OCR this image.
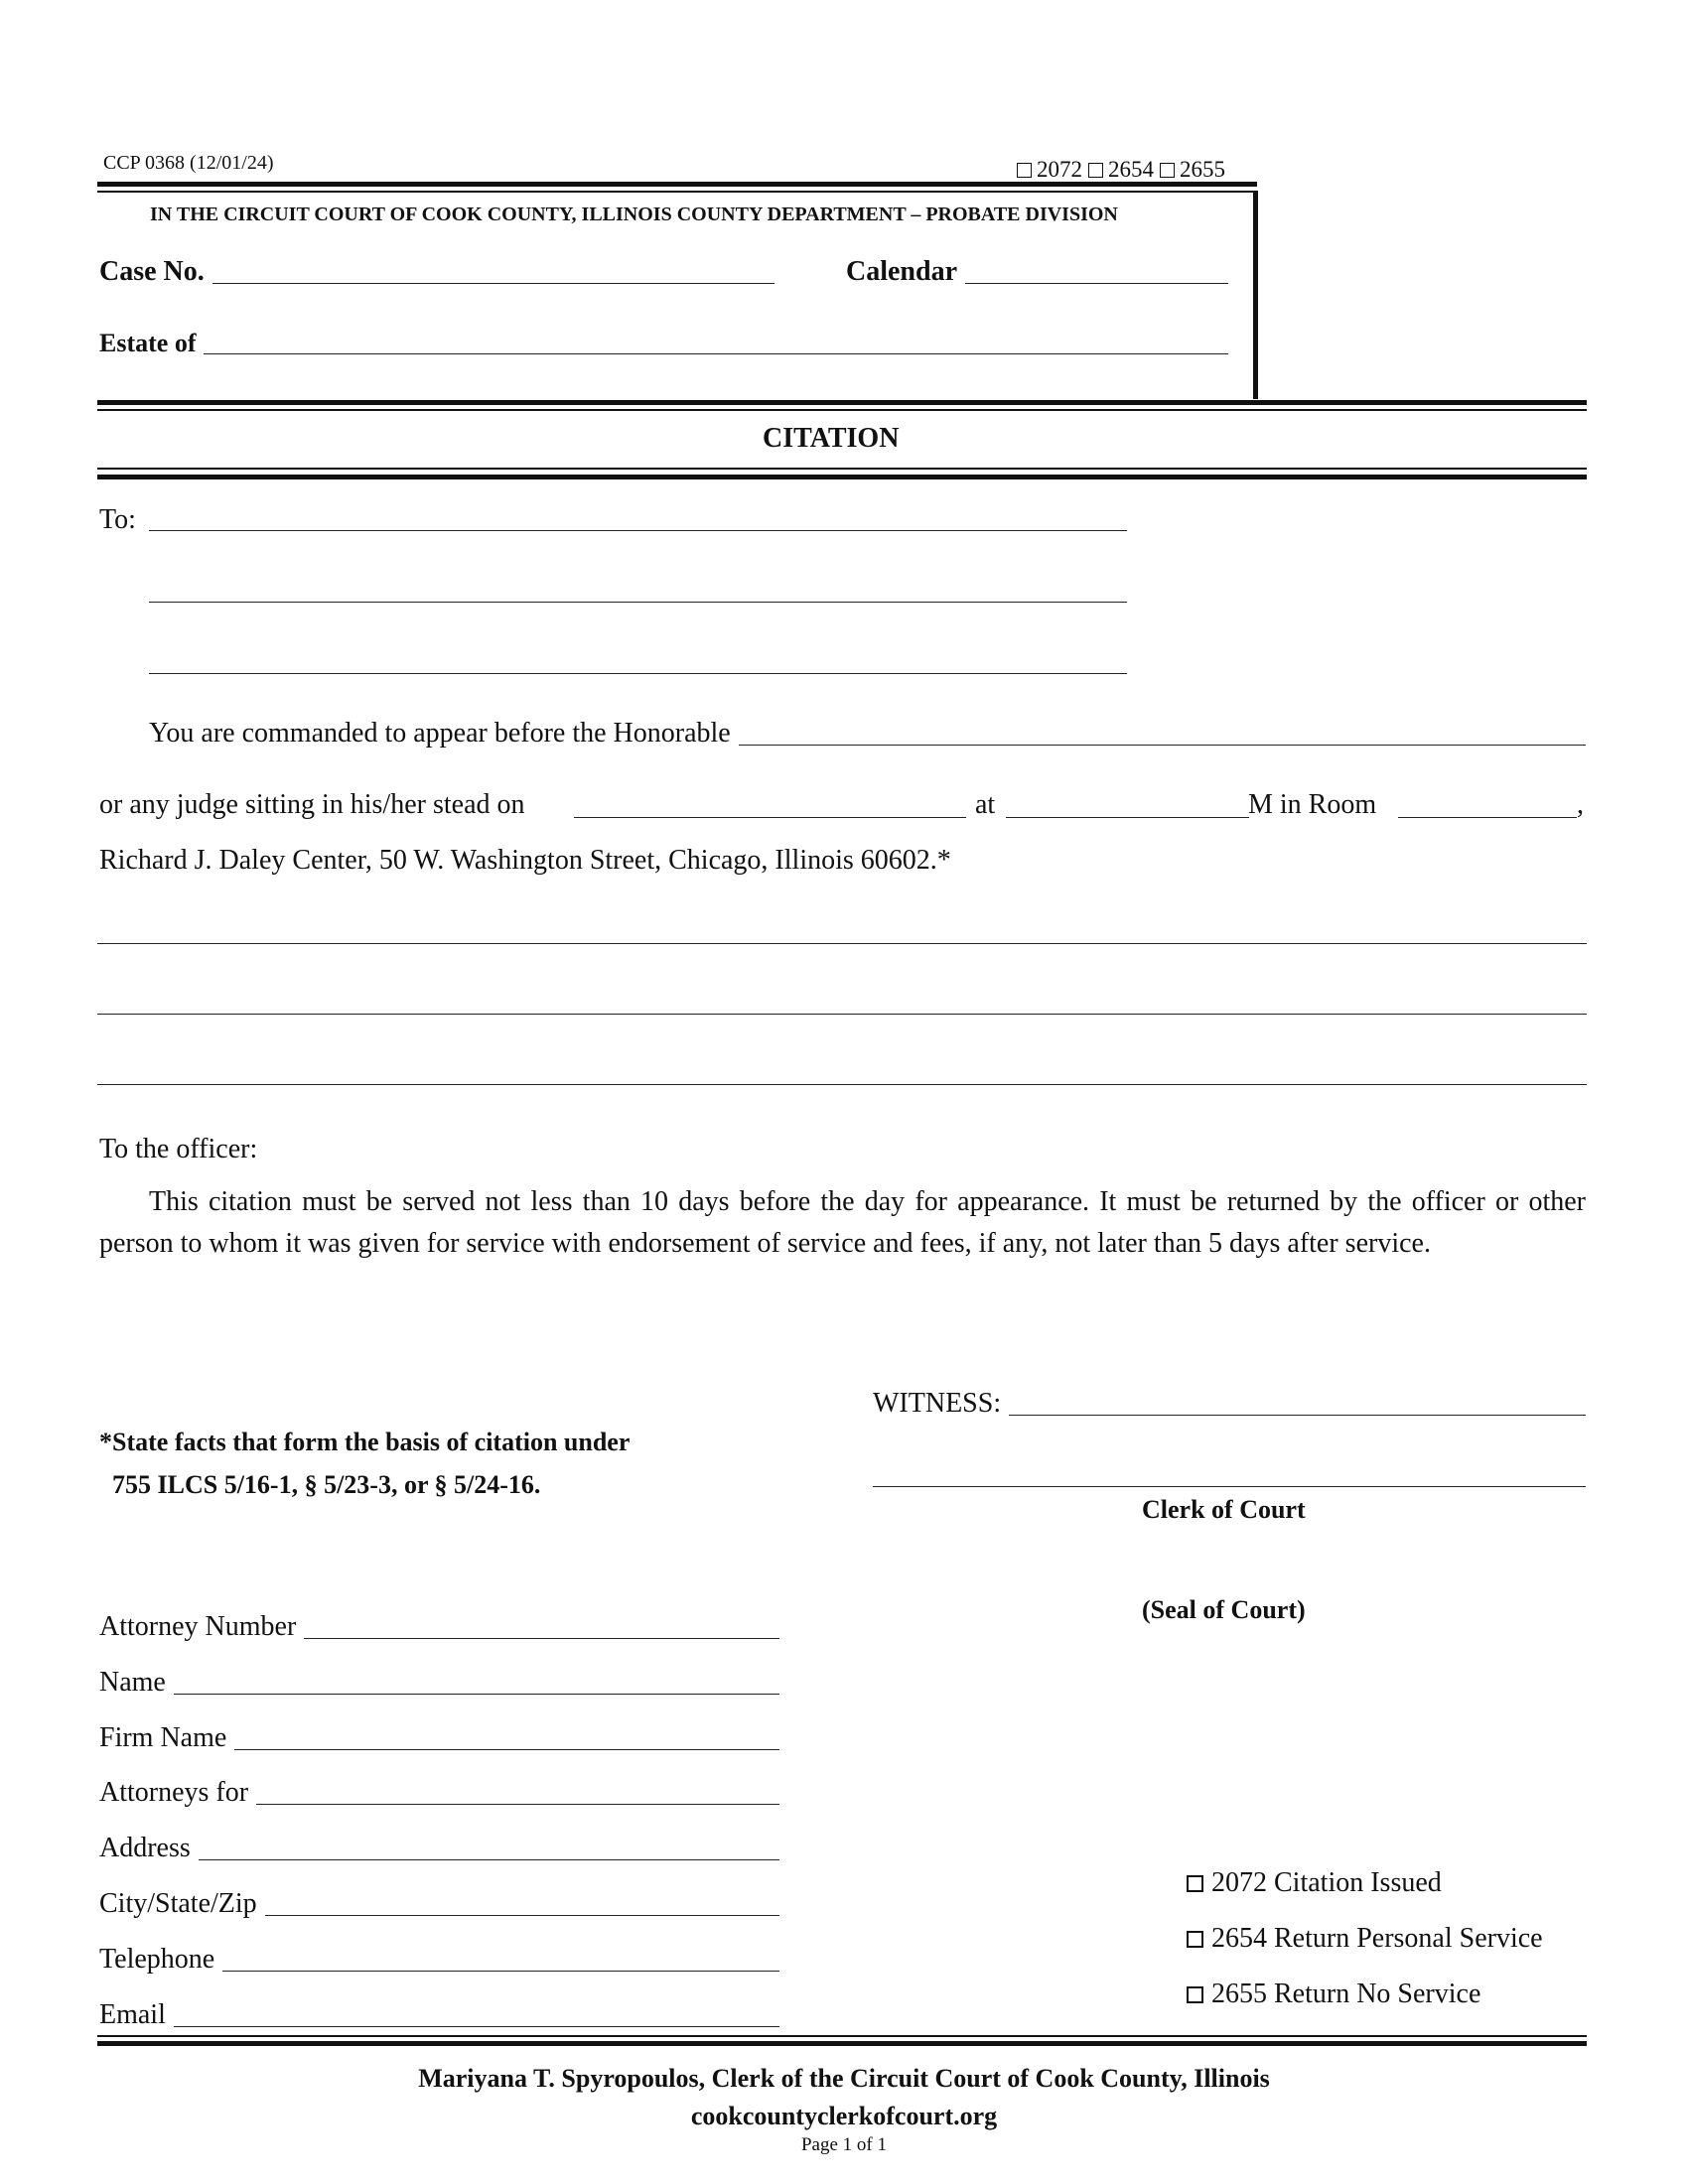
CCP 0368 (12/01/24)	2072 2654 2655
IN THE CIRCUIT COURT OF COOK COUNTY, ILLINOIS COUNTY DEPARTMENT – PROBATE DIVISION
Case No.	Calendar
Estate of
CITATION
To:
You are commanded to appear before the Honorable
or any judge sitting in his/her stead on	at	M in Room	,
Richard J. Daley Center, 50 W. Washington Street, Chicago, Illinois 60602.*
To the officer:
This citation must be served not less than 10 days before the day for appearance. It must be returned by the officer or other person to whom it was given for service with endorsement of service and fees, if any, not later than 5 days after service.
WITNESS:
Clerk of Court
(Seal of Court)
*State facts that form the basis of citation under
755 ILCS 5/16-1, § 5/23-3, or § 5/24-16.
Attorney Number
Name
Firm Name
Attorneys for
Address
City/State/Zip
Telephone
Email
2072 Citation Issued
2654 Return Personal Service
2655 Return No Service
Mariyana T. Spyropoulos, Clerk of the Circuit Court of Cook County, Illinois
cookcountyclerkofcourt.org
Page 1 of 1
